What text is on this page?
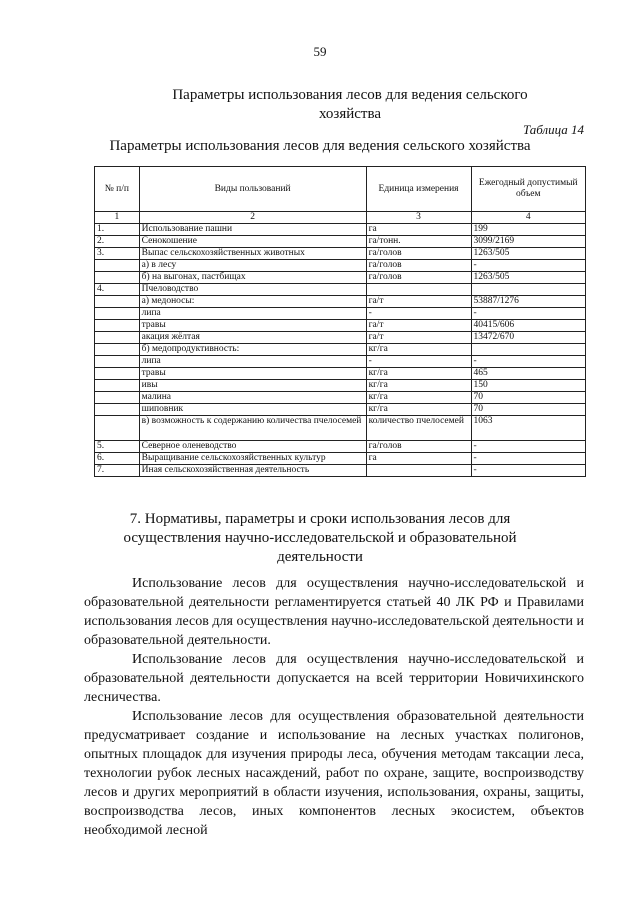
59
Параметры использования лесов для ведения сельского хозяйства
Таблица 14
Параметры использования лесов для ведения сельского хозяйства
№ п/п	Виды пользований	Единица измерения	Ежегодный допустимый объем
1	2	3	4
1.	Использование пашни	га	199
2.	Сенокошение	га/тонн.	3099/2169
3.	Выпас сельскохозяйственных животных	га/голов	1263/505
	а) в лесу	га/голов	-
	б) на выгонах, пастбищах	га/голов	1263/505
4.	Пчеловодство		
	а) медоносы:	га/т	53887/1276
	липа	-	-
	травы	га/т	40415/606
	акация жёлтая	га/т	13472/670
	б) медопродуктивность:	кг/га	
	липа	-	-
	травы	кг/га	465
	ивы	кг/га	150
	малина	кг/га	70
	шиповник	кг/га	70
	в) возможность к содержанию количества пчелосемей	количество пчелосемей	1063
5.	Северное оленеводство	га/голов	-
6.	Выращивание сельскохозяйственных культур	га	-
7.	Иная сельскохозяйственная деятельность		-
7. Нормативы, параметры и сроки использования лесов для осуществления научно-исследовательской и образовательной деятельности

Использование лесов для осуществления научно-исследовательской и образовательной деятельности регламентируется статьей 40 ЛК РФ и Правилами использования лесов для осуществления научно-исследовательской деятельности и образовательной деятельности.

Использование лесов для осуществления научно-исследовательской и образовательной деятельности допускается на всей территории Новичихинского лесничества.

Использование лесов для осуществления образовательной деятельности предусматривает создание и использование на лесных участках полигонов, опытных площадок для изучения природы леса, обучения методам таксации леса, технологии рубок лесных насаждений, работ по охране, защите, воспроизводству лесов и других мероприятий в области изучения, использования, охраны, защиты, воспроизводства лесов, иных компонентов лесных экосистем, объектов необходимой лесной
